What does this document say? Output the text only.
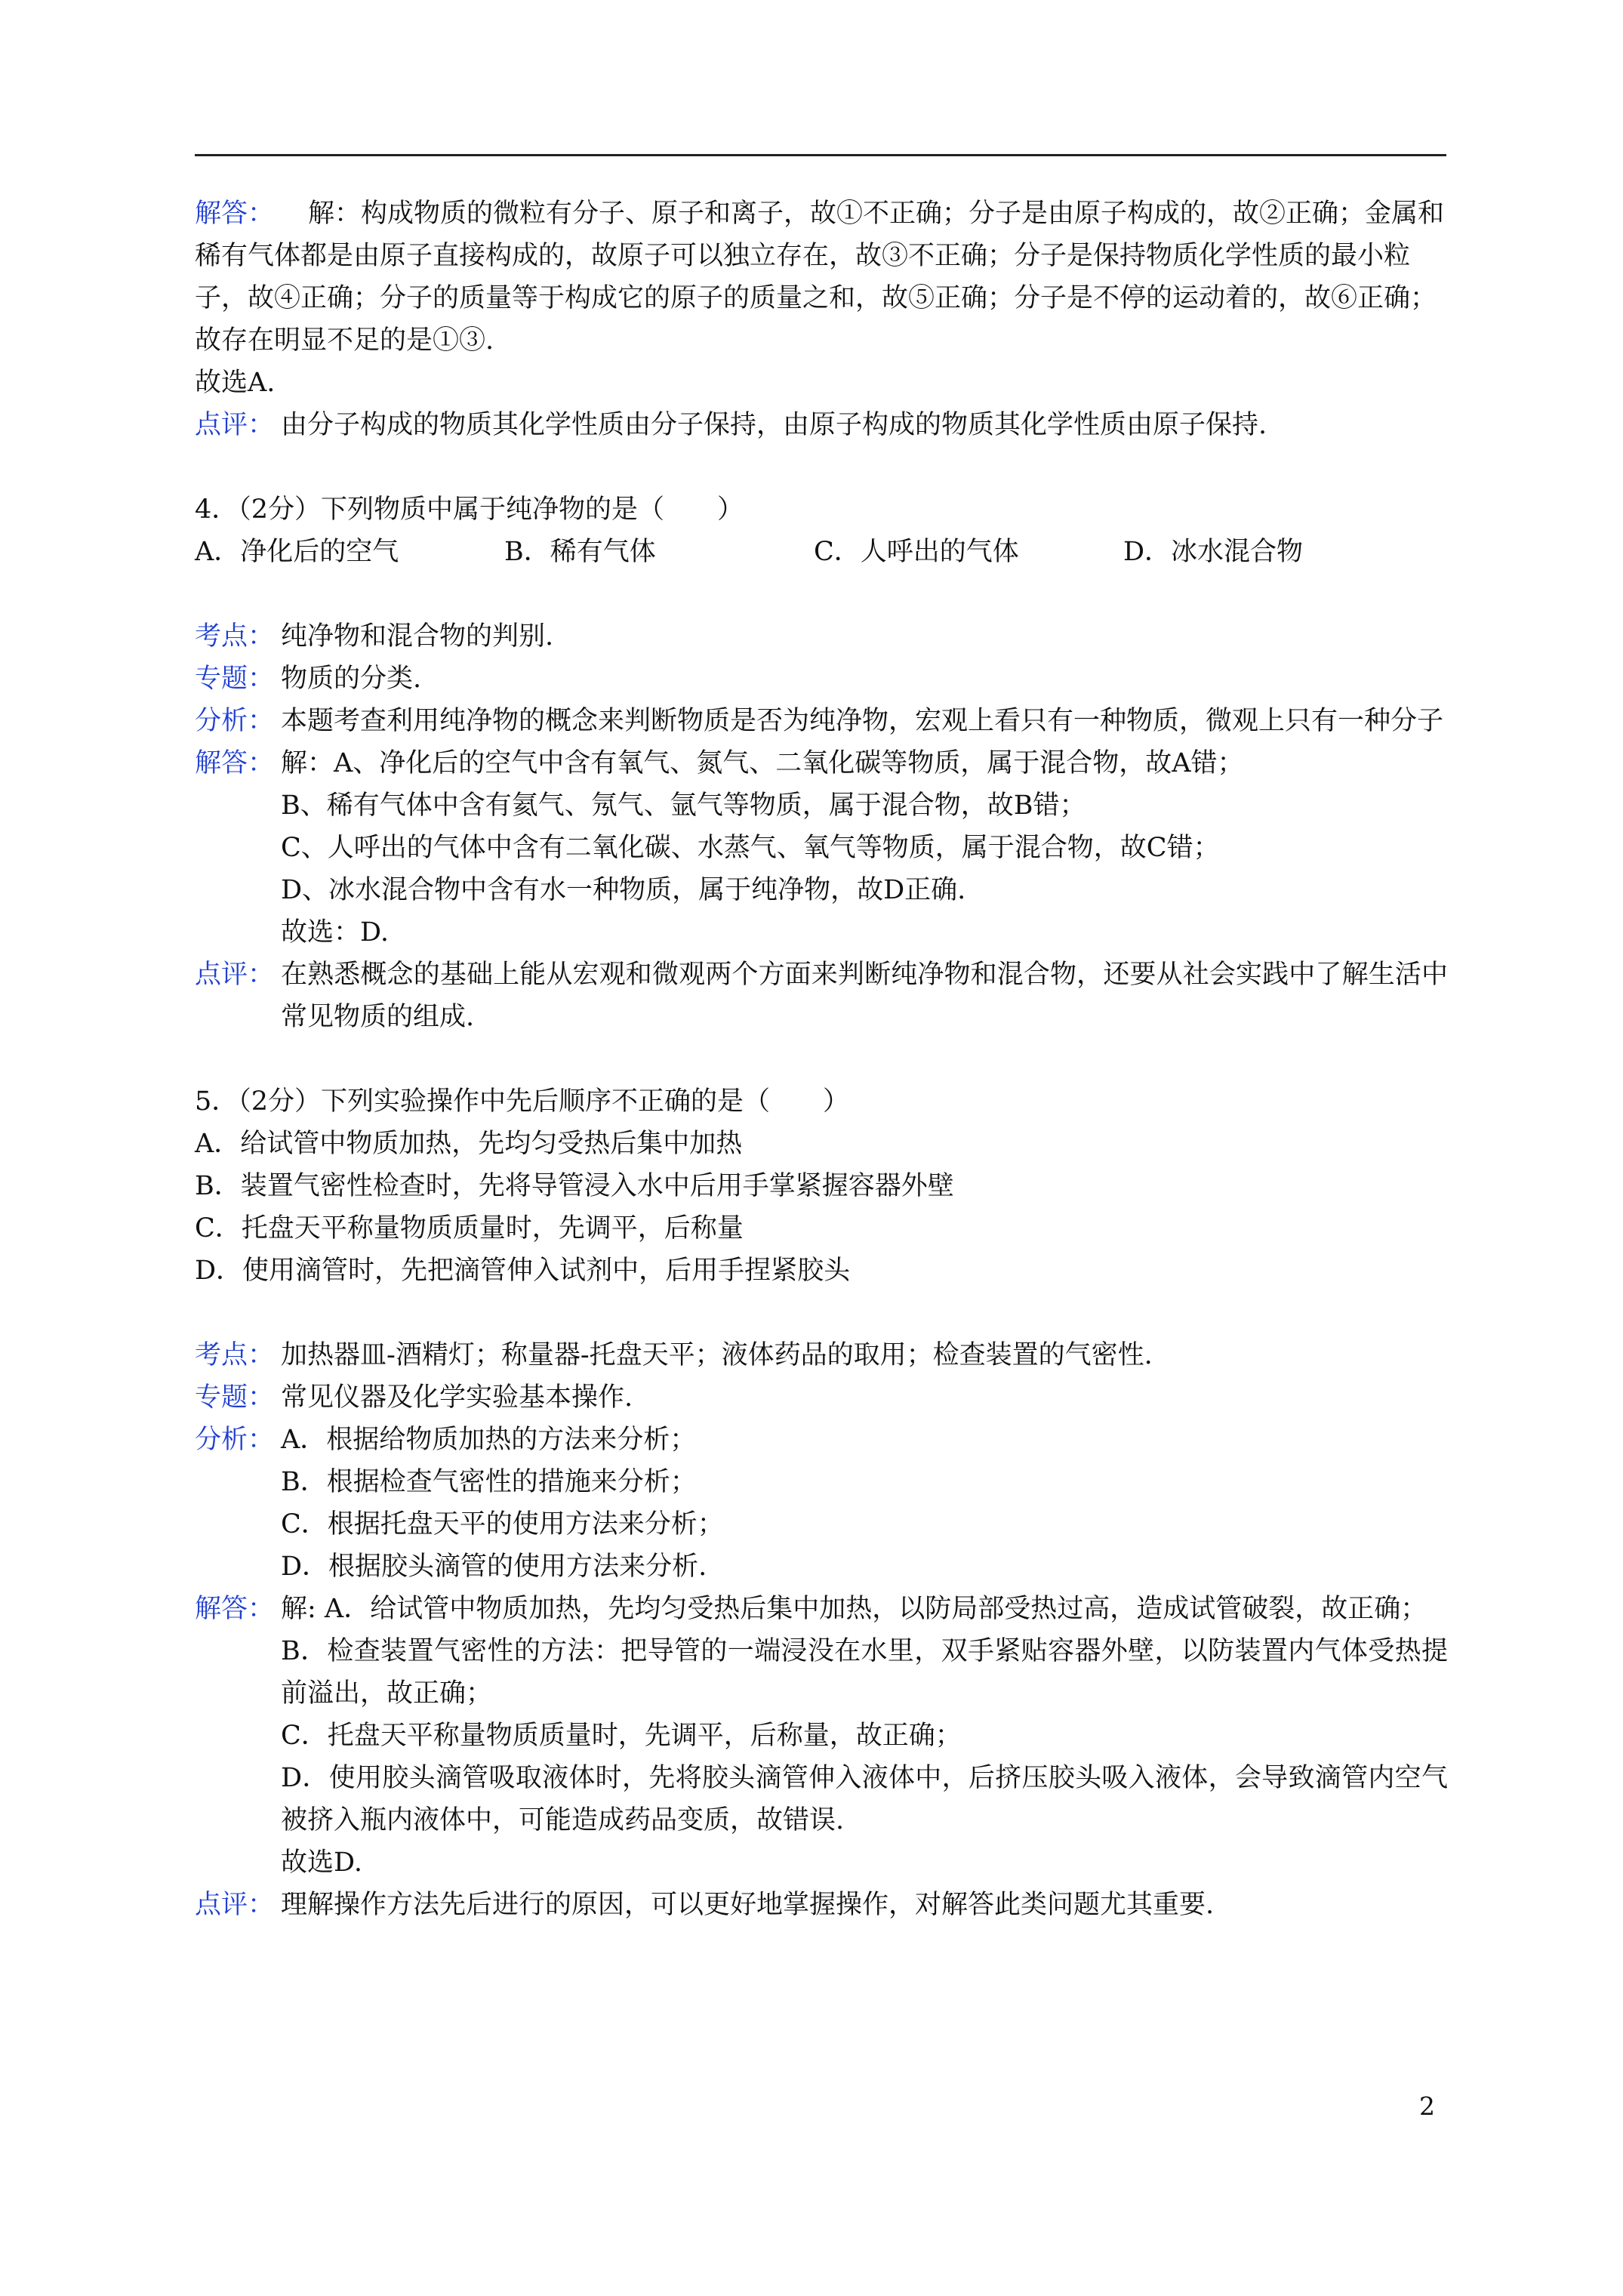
解答： 解：构成物质的微粒有分子、原子和离子，故①不正确；分子是由原子构成的，故②正确；金属和稀有气体都是由原子直接构成的，故原子可以独立存在，故③不正确；分子是保持物质化学性质的最小粒子，故④正确；分子的质量等于构成它的原子的质量之和，故⑤正确；分子是不停的运动着的，故⑥正确；故存在明显不足的是①③.

故选A.

点评： 由分子构成的物质其化学性质由分子保持，由原子构成的物质其化学性质由原子保持.

4．（2分）下列物质中属于纯净物的是（　　）

A．净化后的空气	B．稀有气体	C．人呼出的气体	D．冰水混合物
考点： 纯净物和混合物的判别.
专题： 物质的分类.
分析： 本题考查利用纯净物的概念来判断物质是否为纯净物，宏观上看只有一种物质，微观上只有一种分子
解答： 解：A、净化后的空气中含有氧气、氮气、二氧化碳等物质，属于混合物，故A错；

B、稀有气体中含有氦气、氖气、氩气等物质，属于混合物，故B错；

C、人呼出的气体中含有二氧化碳、水蒸气、氧气等物质，属于混合物，故C错；

D、冰水混合物中含有水一种物质，属于纯净物，故D正确.

故选：D.

点评： 在熟悉概念的基础上能从宏观和微观两个方面来判断纯净物和混合物，还要从社会实践中了解生活中常见物质的组成.

5．（2分）下列实验操作中先后顺序不正确的是（　　）

A．给试管中物质加热，先均匀受热后集中加热

B．装置气密性检查时，先将导管浸入水中后用手掌紧握容器外壁

C．托盘天平称量物质质量时，先调平，后称量

D．使用滴管时，先把滴管伸入试剂中，后用手捏紧胶头

考点： 加热器皿-酒精灯；称量器-托盘天平；液体药品的取用；检查装置的气密性.
专题： 常见仪器及化学实验基本操作.
分析： A．根据给物质加热的方法来分析；

B．根据检查气密性的措施来分析；

C．根据托盘天平的使用方法来分析；

D．根据胶头滴管的使用方法来分析.

解答： 解: A．给试管中物质加热，先均匀受热后集中加热，以防局部受热过高，造成试管破裂，故正确；

B．检查装置气密性的方法：把导管的一端浸没在水里，双手紧贴容器外壁，以防装置内气体受热提前溢出，故正确；

C．托盘天平称量物质质量时，先调平，后称量，故正确；

D．使用胶头滴管吸取液体时，先将胶头滴管伸入液体中，后挤压胶头吸入液体，会导致滴管内空气被挤入瓶内液体中，可能造成药品变质，故错误.

故选D.

点评： 理解操作方法先后进行的原因，可以更好地掌握操作，对解答此类问题尤其重要.
2
